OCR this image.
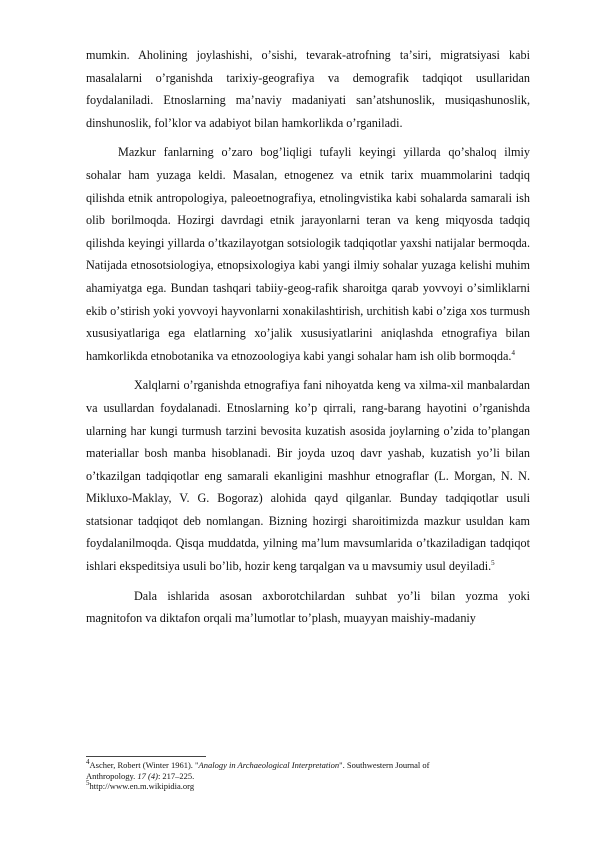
mumkin. Aholining joylashishi, oʼsishi, tevarak-atrofning taʼsiri, migratsiyasi kabi masalalarni oʼrganishda tarixiy-geografiya va demografik tadqiqot usullaridan foydalaniladi. Etnoslarning maʼnaviy madaniyati sanʼatshunoslik, musiqashunoslik, dinshunoslik, folʼklor va adabiyot bilan hamkorlikda oʼrganiladi.

Mazkur fanlarning oʼzaro bogʼliqligi tufayli keyingi yillarda qoʼshaloq ilmiy sohalar ham yuzaga keldi. Masalan, etnogenez va etnik tarix muammolarini tadqiq qilishda etnik antropologiya, paleoetnografiya, etnolingvistika kabi sohalarda samarali ish olib borilmoqda. Hozirgi davrdagi etnik jarayonlarni teran va keng miqyosda tadqiq qilishda keyingi yillarda oʼtkazilayotgan sotsiologik tadqiqotlar yaxshi natijalar bermoqda. Natijada etnosotsiologiya, etnopsixologiya kabi yangi ilmiy sohalar yuzaga kelishi muhim ahamiyatga ega. Bundan tashqari tabiiy-geog-rafik sharoitga qarab yovvoyi oʼsimliklarni ekib oʼstirish yoki yovvoyi hayvonlarni xonakilashtirish, urchitish kabi oʼziga xos turmush xususiyatlariga ega elatlarning xoʼjalik xususiyatlarini aniqlashda etnografiya bilan hamkorlikda etnobotanika va etnozoologiya kabi yangi sohalar ham ish olib bormoqda.$^4$

Xalqlarni oʼrganishda etnografiya fani nihoyatda keng va xilma-xil manbalardan va usullardan foydalanadi. Etnoslarning koʼp qirrali, rang-barang hayotini oʼrganishda ularning har kungi turmush tarzini bevosita kuzatish asosida joylarning oʼzida toʼplangan materiallar bosh manba hisoblanadi. Bir joyda uzoq davr yashab, kuzatish yoʼli bilan oʼtkazilgan tadqiqotlar eng samarali ekanligini mashhur etnograflar (L. Morgan, N. N. Mikluxo-Maklay, V. G. Bogoraz) alohida qayd qilganlar. Bunday tadqiqotlar usuli statsionar tadqiqot deb nomlangan. Bizning hozirgi sharoitimizda mazkur usuldan kam foydalanilmoqda. Qisqa muddatda, yilning maʼlum mavsumlarida oʼtkaziladigan tadqiqot ishlari ekspeditsiya usuli boʼlib, hozir keng tarqalgan va u mavsumiy usul deyiladi.$^5$

Dala ishlarida asosan axborotchilardan suhbat yoʼli bilan yozma yoki magnitofon va diktafon orqali maʼlumotlar toʼplash, muayyan maishiy-madaniy

$^4$Ascher, Robert (Winter 1961). "Analogy in Archaeological Interpretation". Southwestern Journal of
Anthropology. 17 (4): 217–225.
$^5$http://www.en.m.wikipidia.org
